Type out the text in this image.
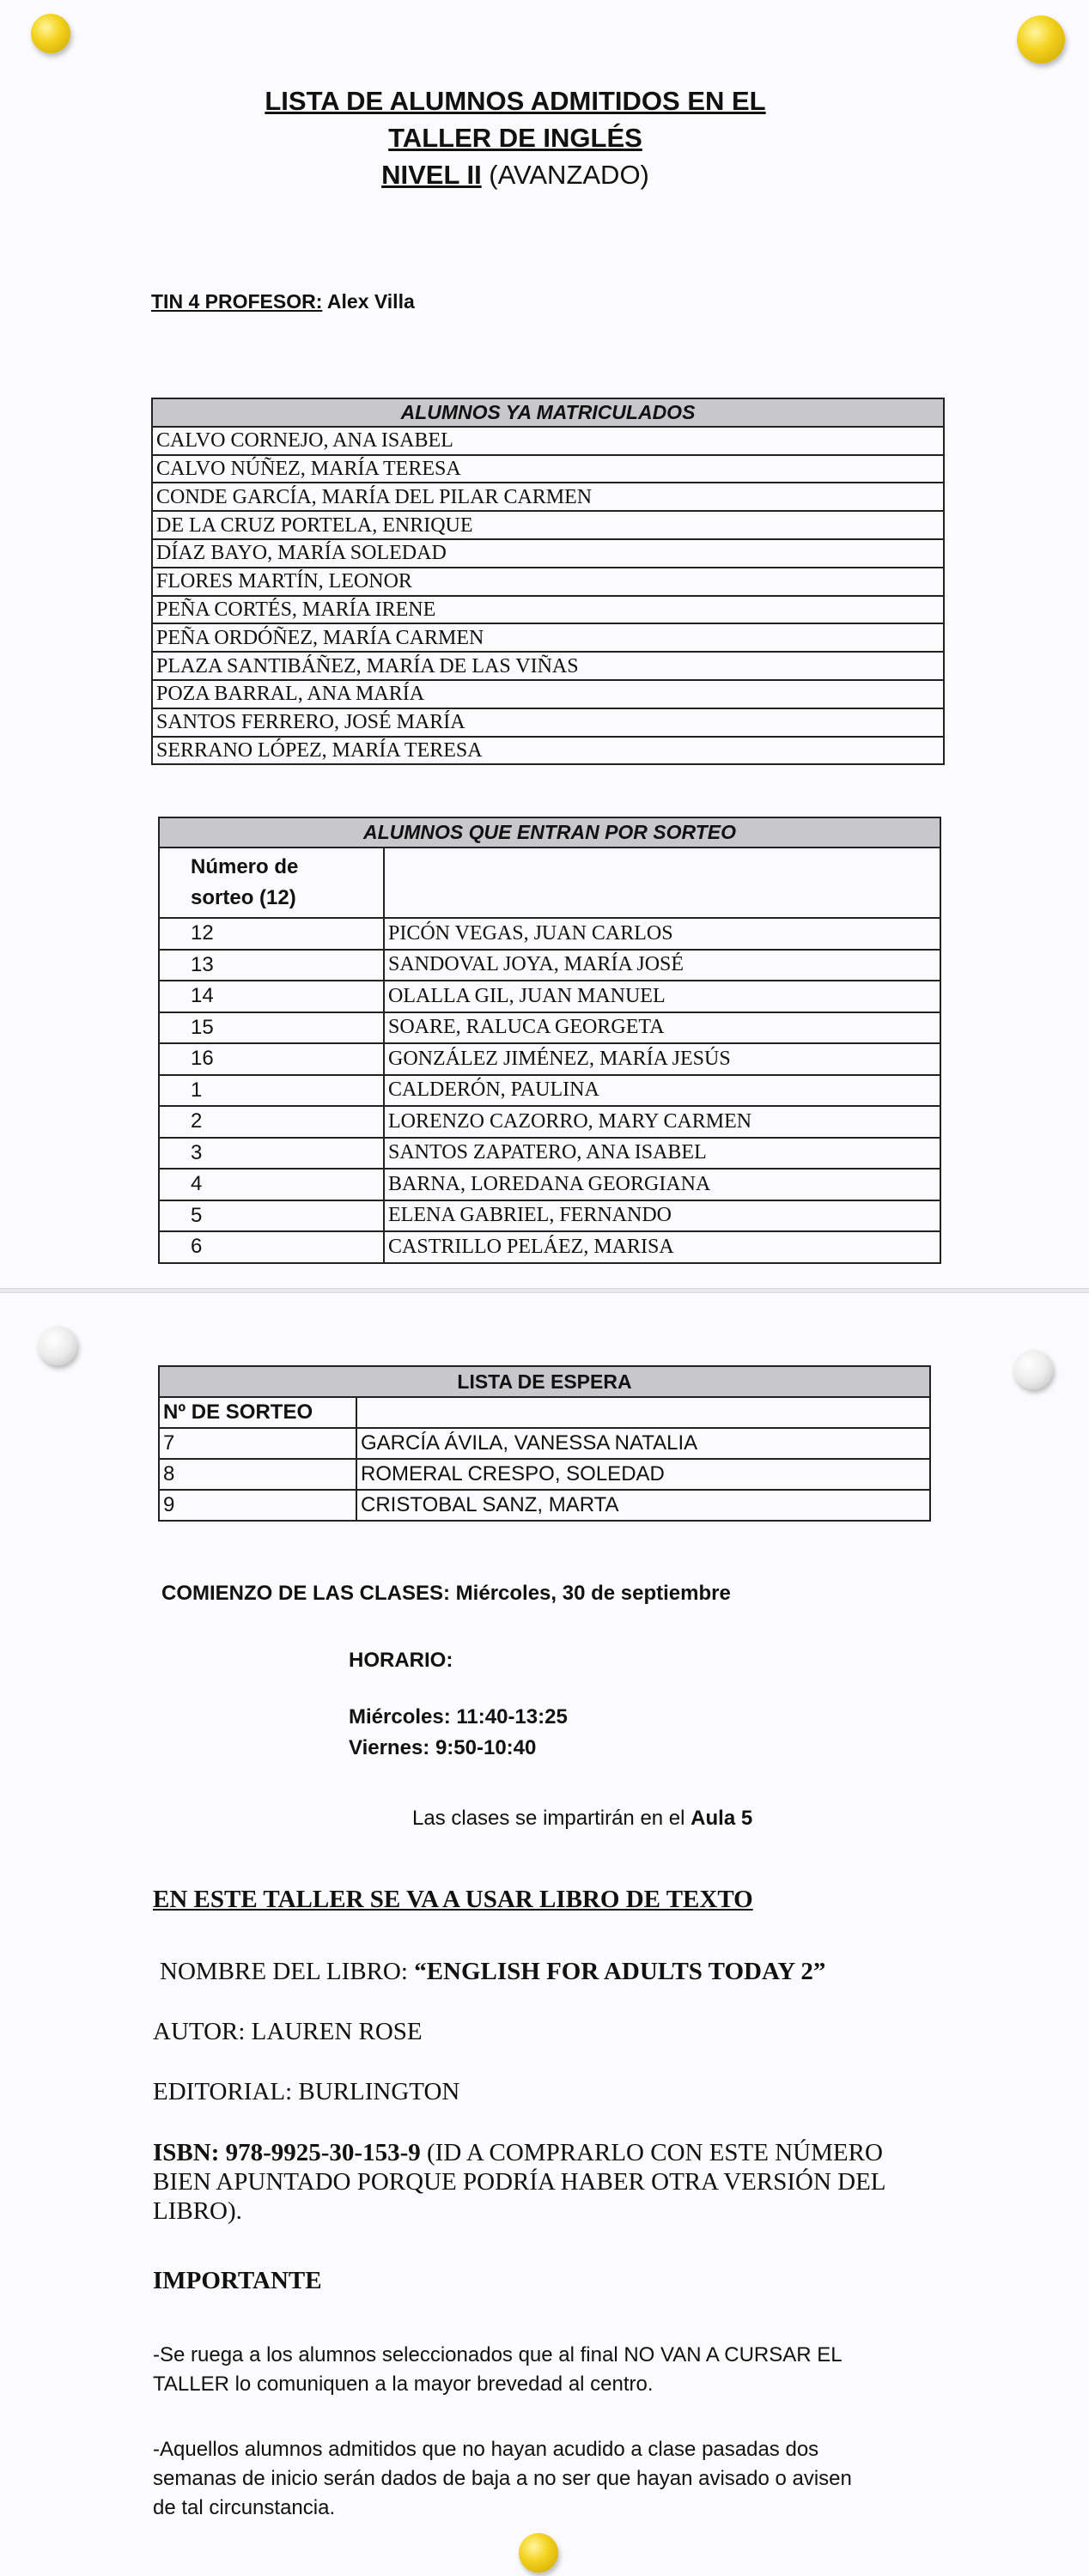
LISTA DE ALUMNOS ADMITIDOS EN EL
TALLER DE INGLÉS
NIVEL II (AVANZADO)
TIN 4 PROFESOR: Alex Villa
ALUMNOS YA MATRICULADOS
CALVO CORNEJO, ANA ISABEL
CALVO NÚÑEZ, MARÍA TERESA
CONDE GARCÍA, MARÍA DEL PILAR CARMEN
DE LA CRUZ PORTELA, ENRIQUE
DÍAZ BAYO, MARÍA SOLEDAD
FLORES MARTÍN, LEONOR
PEÑA CORTÉS, MARÍA IRENE
PEÑA ORDÓÑEZ, MARÍA CARMEN
PLAZA SANTIBÁÑEZ, MARÍA DE LAS VIÑAS
POZA BARRAL, ANA MARÍA
SANTOS FERRERO, JOSÉ MARÍA
SERRANO LÓPEZ, MARÍA TERESA
ALUMNOS QUE ENTRAN POR SORTEO	

Número de
sorteo (12)	

12	PICÓN VEGAS, JUAN CARLOS
13	SANDOVAL JOYA, MARÍA JOSÉ
14	OLALLA GIL, JUAN MANUEL
15	SOARE, RALUCA GEORGETA
16	GONZÁLEZ JIMÉNEZ, MARÍA JESÚS
1	CALDERÓN, PAULINA
2	LORENZO CAZORRO, MARY CARMEN
3	SANTOS ZAPATERO, ANA ISABEL
4	BARNA, LOREDANA GEORGIANA
5	ELENA GABRIEL, FERNANDO
6	CASTRILLO PELÁEZ, MARISA
LISTA DE ESPERA	
Nº DE SORTEO	
7	GARCÍA ÁVILA, VANESSA NATALIA
8	ROMERAL CRESPO, SOLEDAD
9	CRISTOBAL SANZ, MARTA
COMIENZO DE LAS CLASES: Miércoles, 30 de septiembre
HORARIO:
Miércoles: 11:40-13:25
Viernes: 9:50-10:40
Las clases se impartirán en el Aula 5
EN ESTE TALLER SE VA A USAR LIBRO DE TEXTO
NOMBRE DEL LIBRO: “ENGLISH FOR ADULTS TODAY 2”
AUTOR: LAUREN ROSE
EDITORIAL: BURLINGTON
ISBN: 978-9925-30-153-9 (ID A COMPRARLO CON ESTE NÚMERO
BIEN APUNTADO PORQUE PODRÍA HABER OTRA VERSIÓN DEL
LIBRO).
IMPORTANTE
-Se ruega a los alumnos seleccionados que al final NO VAN A CURSAR EL
TALLER lo comuniquen a la mayor brevedad al centro.
-Aquellos alumnos admitidos que no hayan acudido a clase pasadas dos
semanas de inicio serán dados de baja a no ser que hayan avisado o avisen
de tal circunstancia.
